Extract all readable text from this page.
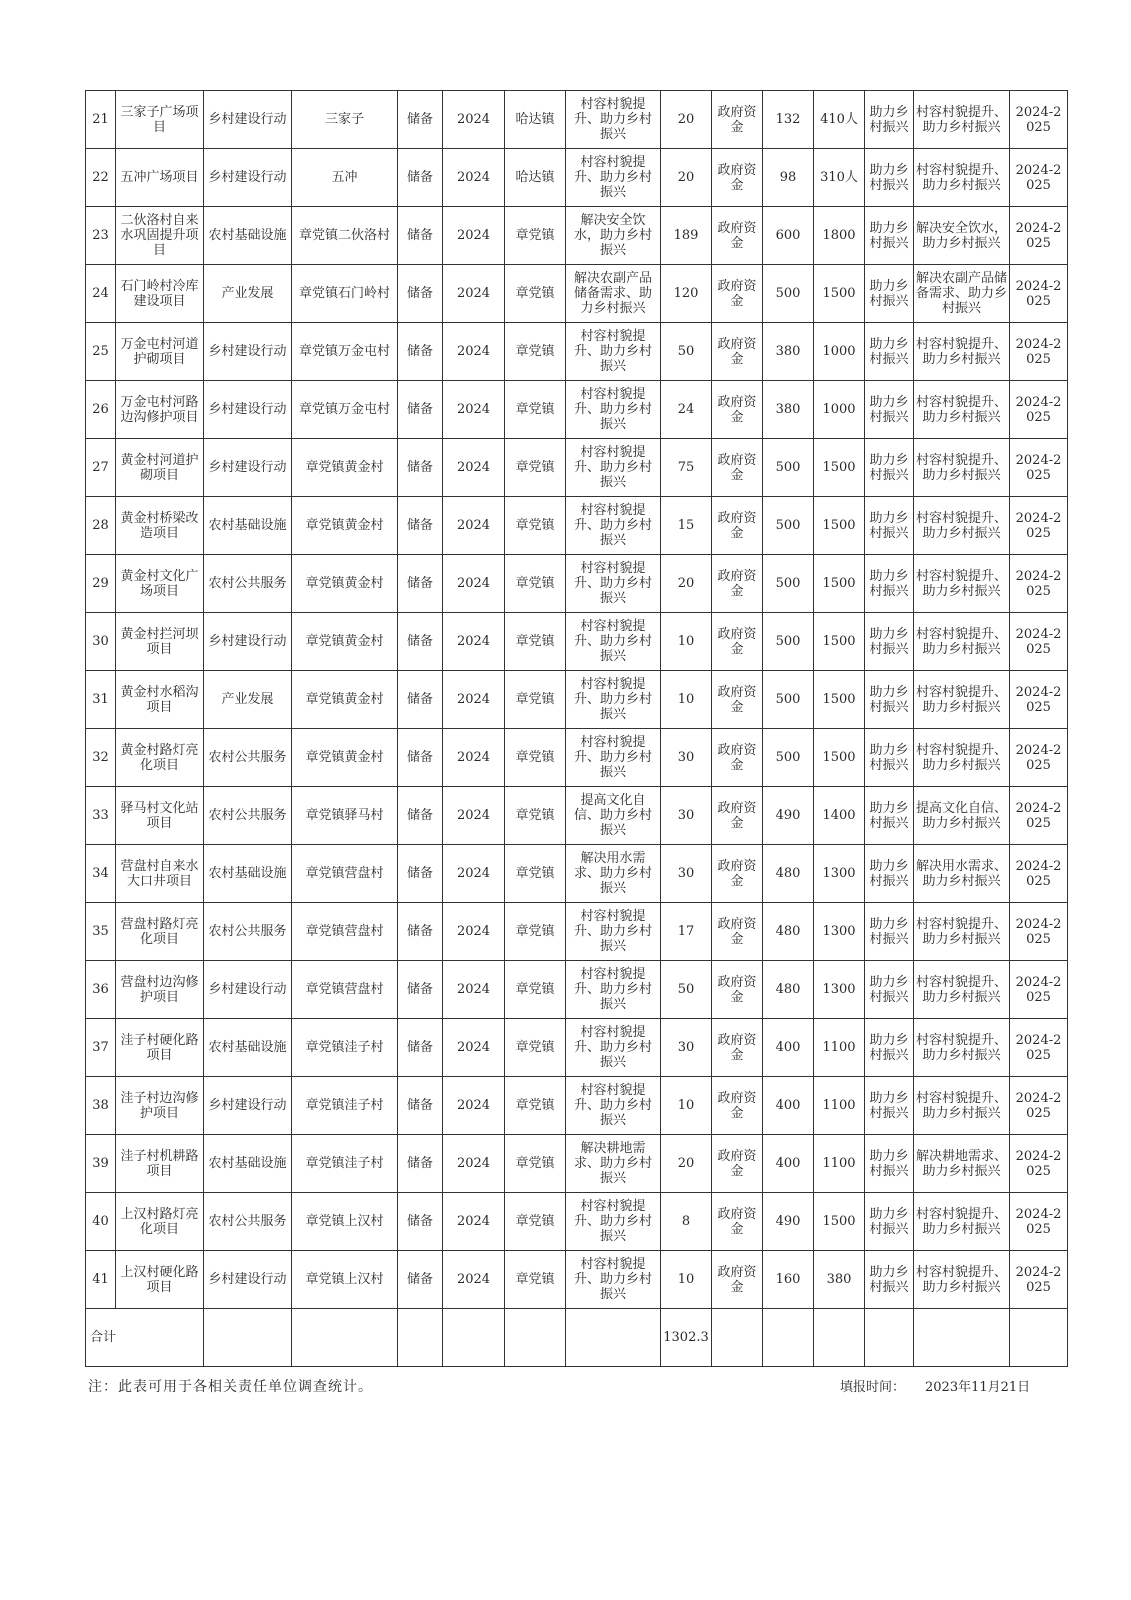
21	三家子广场项目	乡村建设行动	三家子	储备	2024	哈达镇	村容村貌提升、助力乡村振兴	20	政府资金	132	410人	助力乡村振兴	村容村貌提升、助力乡村振兴	2024-2025
22	五冲广场项目	乡村建设行动	五冲	储备	2024	哈达镇	村容村貌提升、助力乡村振兴	20	政府资金	98	310人	助力乡村振兴	村容村貌提升、助力乡村振兴	2024-2025
23	二伙洛村自来水巩固提升项目	农村基础设施	章党镇二伙洛村	储备	2024	章党镇	解决安全饮水，助力乡村振兴	189	政府资金	600	1800	助力乡村振兴	解决安全饮水，助力乡村振兴	2024-2025
24	石门岭村冷库建设项目	产业发展	章党镇石门岭村	储备	2024	章党镇	解决农副产品储备需求、助力乡村振兴	120	政府资金	500	1500	助力乡村振兴	解决农副产品储备需求、助力乡村振兴	2024-2025
25	万金屯村河道护砌项目	乡村建设行动	章党镇万金屯村	储备	2024	章党镇	村容村貌提升、助力乡村振兴	50	政府资金	380	1000	助力乡村振兴	村容村貌提升、助力乡村振兴	2024-2025
26	万金屯村河路边沟修护项目	乡村建设行动	章党镇万金屯村	储备	2024	章党镇	村容村貌提升、助力乡村振兴	24	政府资金	380	1000	助力乡村振兴	村容村貌提升、助力乡村振兴	2024-2025
27	黄金村河道护砌项目	乡村建设行动	章党镇黄金村	储备	2024	章党镇	村容村貌提升、助力乡村振兴	75	政府资金	500	1500	助力乡村振兴	村容村貌提升、助力乡村振兴	2024-2025
28	黄金村桥梁改造项目	农村基础设施	章党镇黄金村	储备	2024	章党镇	村容村貌提升、助力乡村振兴	15	政府资金	500	1500	助力乡村振兴	村容村貌提升、助力乡村振兴	2024-2025
29	黄金村文化广场项目	农村公共服务	章党镇黄金村	储备	2024	章党镇	村容村貌提升、助力乡村振兴	20	政府资金	500	1500	助力乡村振兴	村容村貌提升、助力乡村振兴	2024-2025
30	黄金村拦河坝项目	乡村建设行动	章党镇黄金村	储备	2024	章党镇	村容村貌提升、助力乡村振兴	10	政府资金	500	1500	助力乡村振兴	村容村貌提升、助力乡村振兴	2024-2025
31	黄金村水稻沟项目	产业发展	章党镇黄金村	储备	2024	章党镇	村容村貌提升、助力乡村振兴	10	政府资金	500	1500	助力乡村振兴	村容村貌提升、助力乡村振兴	2024-2025
32	黄金村路灯亮化项目	农村公共服务	章党镇黄金村	储备	2024	章党镇	村容村貌提升、助力乡村振兴	30	政府资金	500	1500	助力乡村振兴	村容村貌提升、助力乡村振兴	2024-2025
33	驿马村文化站项目	农村公共服务	章党镇驿马村	储备	2024	章党镇	提高文化自信、助力乡村振兴	30	政府资金	490	1400	助力乡村振兴	提高文化自信、助力乡村振兴	2024-2025
34	营盘村自来水大口井项目	农村基础设施	章党镇营盘村	储备	2024	章党镇	解决用水需求、助力乡村振兴	30	政府资金	480	1300	助力乡村振兴	解决用水需求、助力乡村振兴	2024-2025
35	营盘村路灯亮化项目	农村公共服务	章党镇营盘村	储备	2024	章党镇	村容村貌提升、助力乡村振兴	17	政府资金	480	1300	助力乡村振兴	村容村貌提升、助力乡村振兴	2024-2025
36	营盘村边沟修护项目	乡村建设行动	章党镇营盘村	储备	2024	章党镇	村容村貌提升、助力乡村振兴	50	政府资金	480	1300	助力乡村振兴	村容村貌提升、助力乡村振兴	2024-2025
37	洼子村硬化路项目	农村基础设施	章党镇洼子村	储备	2024	章党镇	村容村貌提升、助力乡村振兴	30	政府资金	400	1100	助力乡村振兴	村容村貌提升、助力乡村振兴	2024-2025
38	洼子村边沟修护项目	乡村建设行动	章党镇洼子村	储备	2024	章党镇	村容村貌提升、助力乡村振兴	10	政府资金	400	1100	助力乡村振兴	村容村貌提升、助力乡村振兴	2024-2025
39	洼子村机耕路项目	农村基础设施	章党镇洼子村	储备	2024	章党镇	解决耕地需求、助力乡村振兴	20	政府资金	400	1100	助力乡村振兴	解决耕地需求、助力乡村振兴	2024-2025
40	上汉村路灯亮化项目	农村公共服务	章党镇上汉村	储备	2024	章党镇	村容村貌提升、助力乡村振兴	8	政府资金	490	1500	助力乡村振兴	村容村貌提升、助力乡村振兴	2024-2025
41	上汉村硬化路项目	乡村建设行动	章党镇上汉村	储备	2024	章党镇	村容村貌提升、助力乡村振兴	10	政府资金	160	380	助力乡村振兴	村容村貌提升、助力乡村振兴	2024-2025
合计								1302.3						
注：此表可用于各相关责任单位调查统计。	填报时间： 2023年11月21日
